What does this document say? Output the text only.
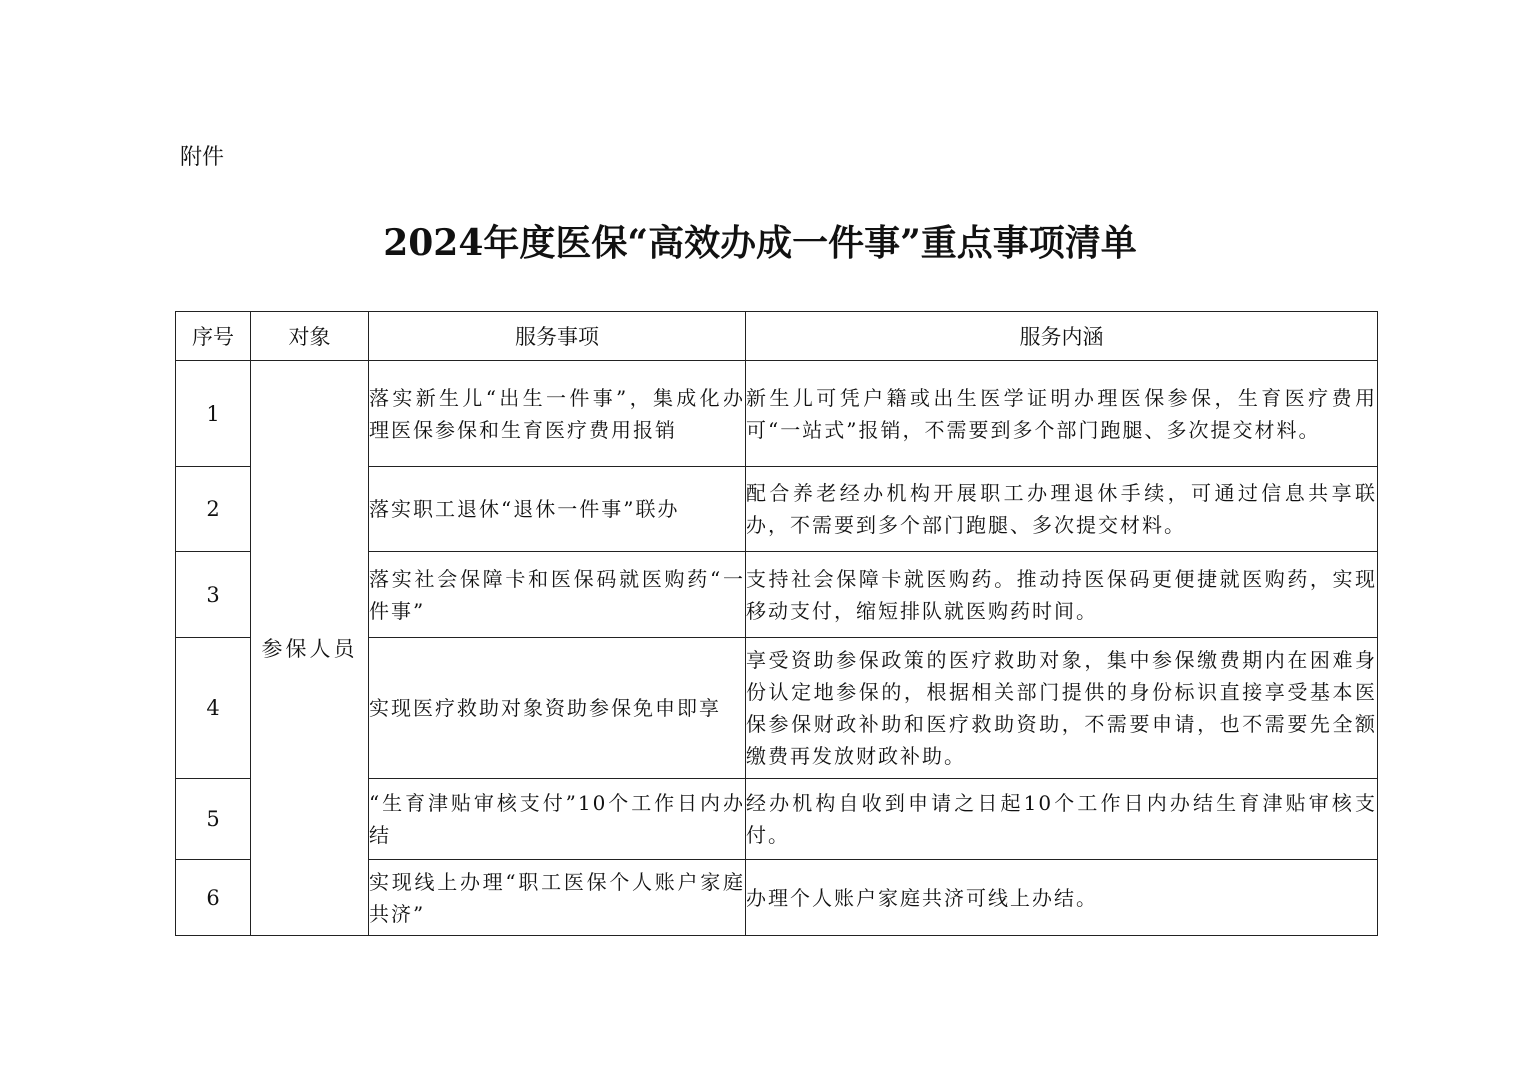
附件
2024年度医保“高效办成一件事”重点事项清单
序号	对象	服务事项	服务内涵
1	参保人员	落实新生儿“出生一件事”，集成化办理医保参保和生育医疗费用报销	新生儿可凭户籍或出生医学证明办理医保参保，生育医疗费用可“一站式”报销，不需要到多个部门跑腿、多次提交材料。
2		落实职工退休“退休一件事”联办	配合养老经办机构开展职工办理退休手续，可通过信息共享联办，不需要到多个部门跑腿、多次提交材料。
3		落实社会保障卡和医保码就医购药“一件事”	支持社会保障卡就医购药。推动持医保码更便捷就医购药，实现移动支付，缩短排队就医购药时间。
4		实现医疗救助对象资助参保免申即享	享受资助参保政策的医疗救助对象，集中参保缴费期内在困难身份认定地参保的，根据相关部门提供的身份标识直接享受基本医保参保财政补助和医疗救助资助，不需要申请，也不需要先全额缴费再发放财政补助。
5		“生育津贴审核支付”10个工作日内办结	经办机构自收到申请之日起10个工作日内办结生育津贴审核支付。
6		实现线上办理“职工医保个人账户家庭共济”	办理个人账户家庭共济可线上办结。
